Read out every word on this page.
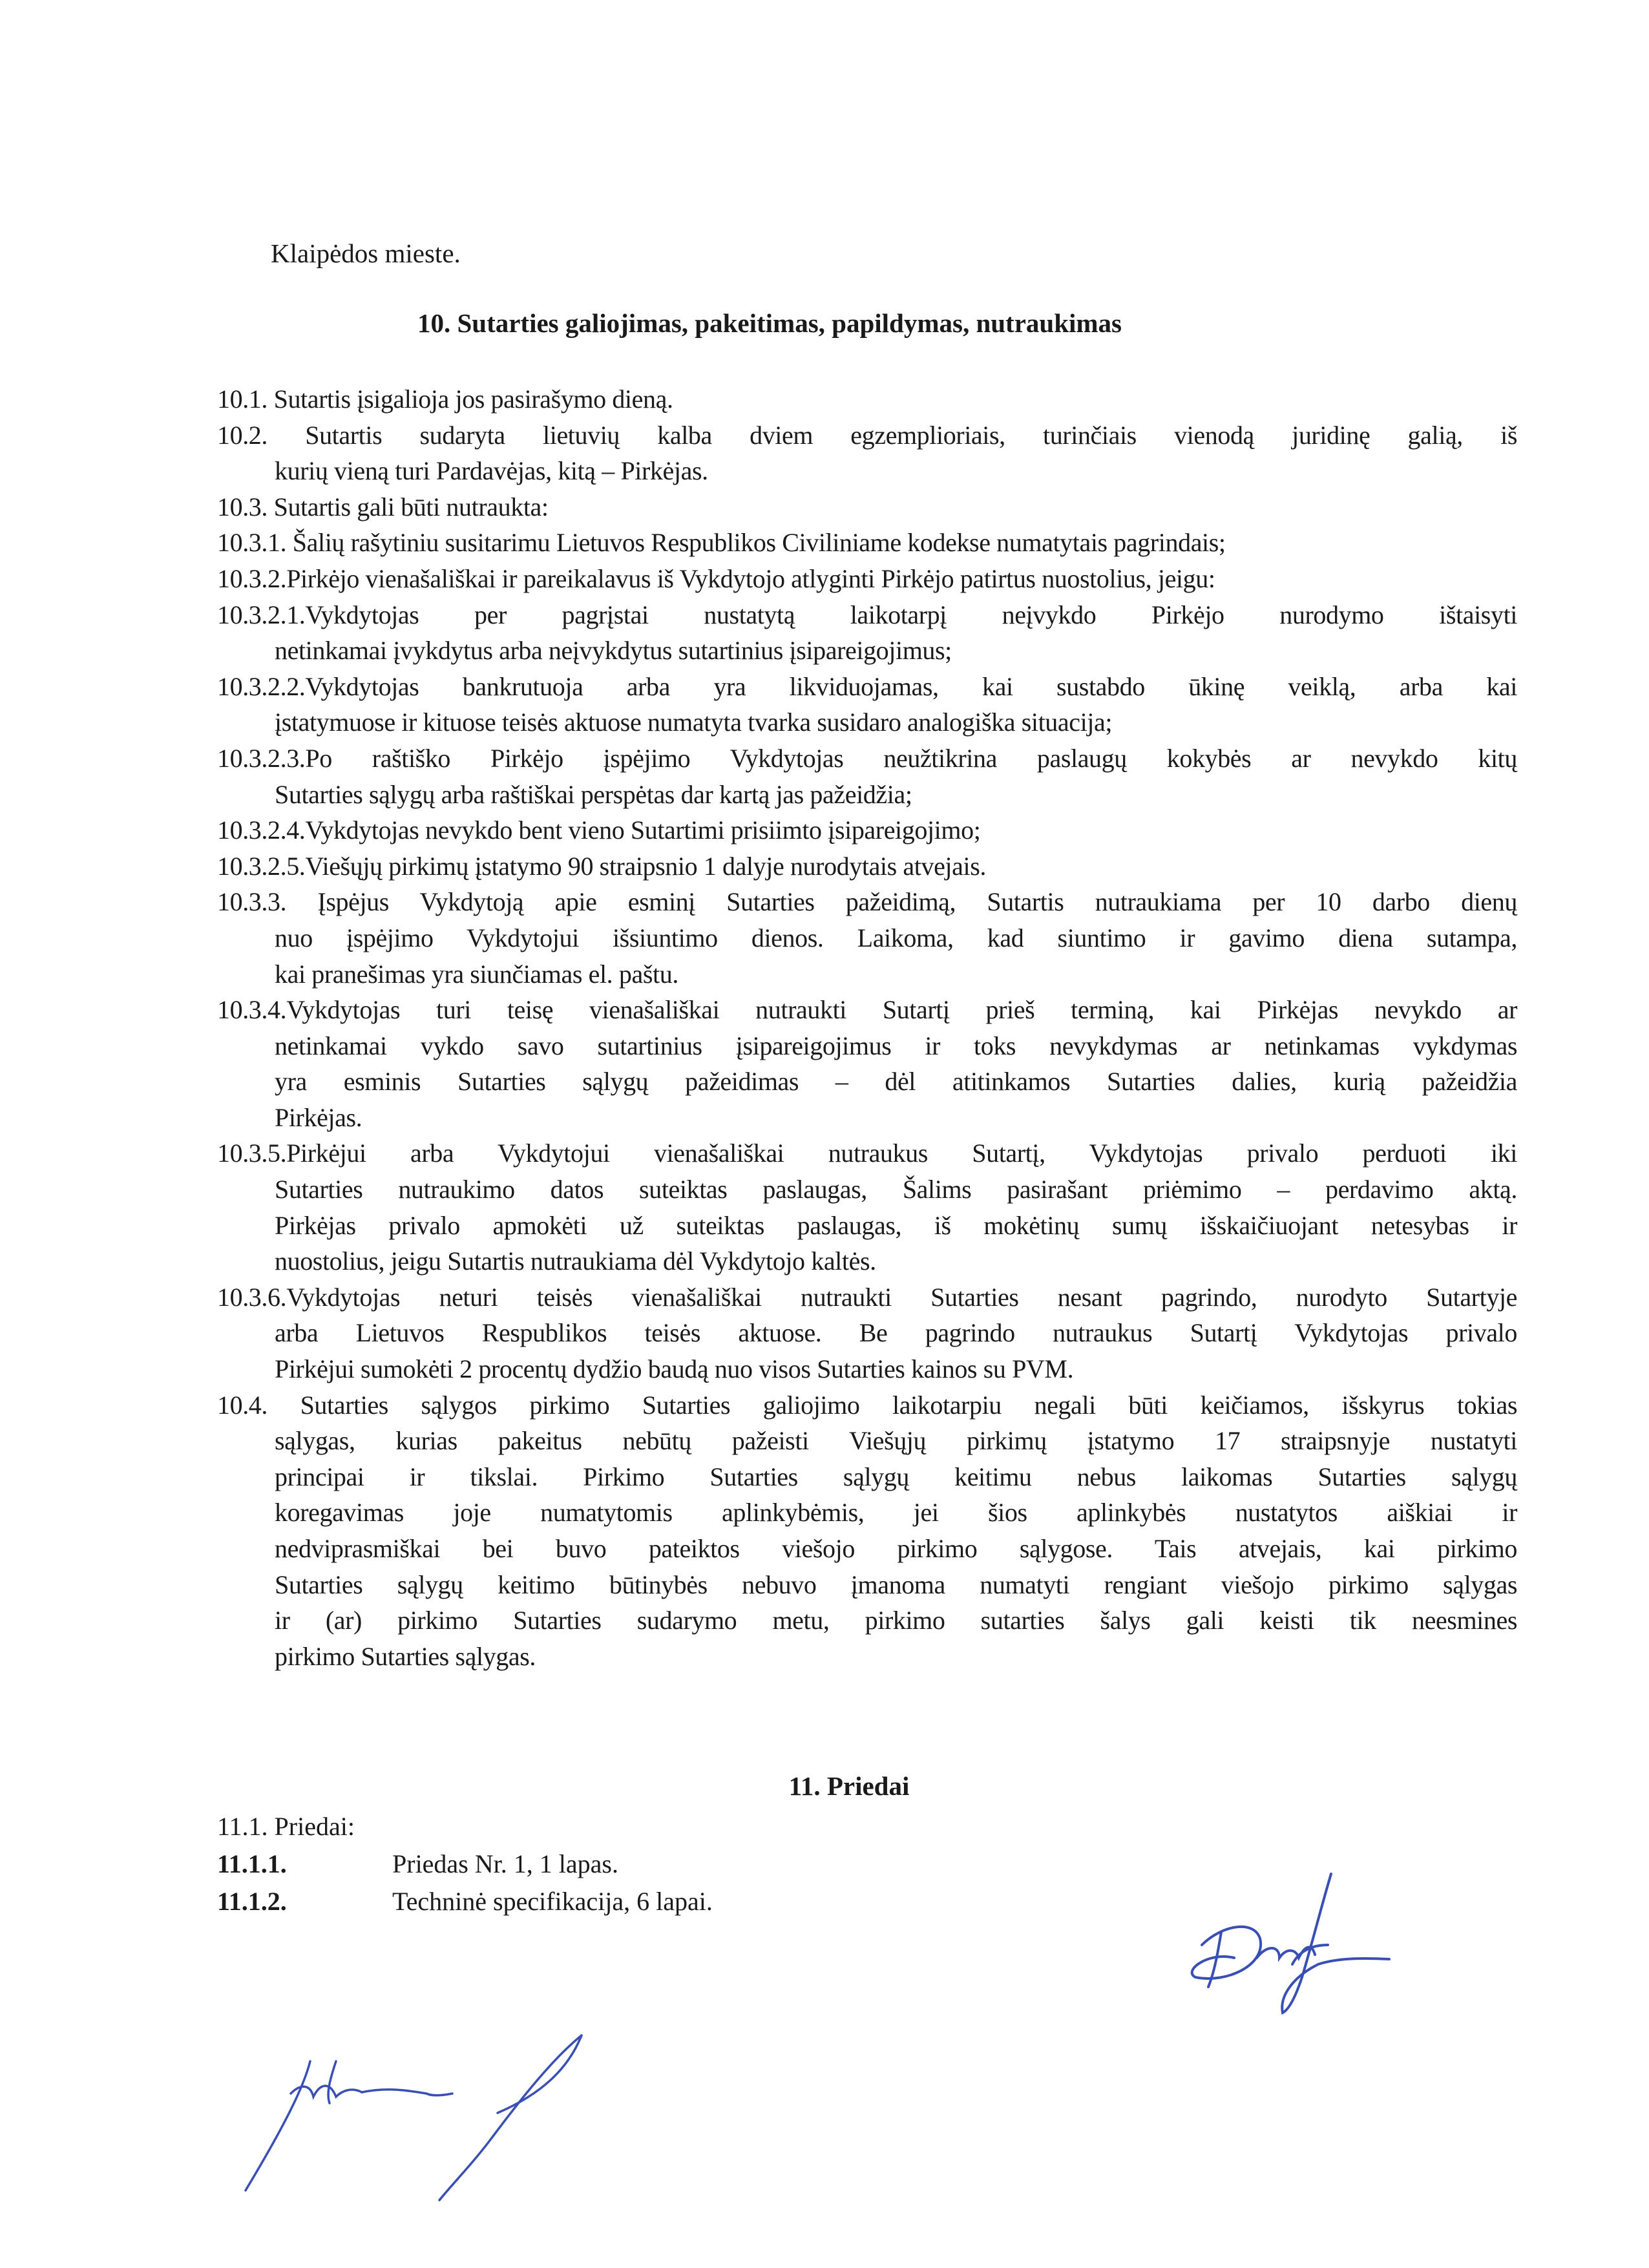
Klaipėdos mieste.
10. Sutarties galiojimas, pakeitimas, papildymas, nutraukimas
10.1. Sutartis įsigalioja jos pasirašymo dieną.
10.2. Sutartis sudaryta lietuvių kalba dviem egzemplioriais, turinčiais vienodą juridinę galią, iš
kurių vieną turi Pardavėjas, kitą – Pirkėjas.
10.3. Sutartis gali būti nutraukta:
10.3.1. Šalių rašytiniu susitarimu Lietuvos Respublikos Civiliniame kodekse numatytais pagrindais;
10.3.2.Pirkėjo vienašališkai ir pareikalavus iš Vykdytojo atlyginti Pirkėjo patirtus nuostolius, jeigu:
10.3.2.1.Vykdytojas per pagrįstai nustatytą laikotarpį neįvykdo Pirkėjo nurodymo ištaisyti
netinkamai įvykdytus arba neįvykdytus sutartinius įsipareigojimus;
10.3.2.2.Vykdytojas bankrutuoja arba yra likviduojamas, kai sustabdo ūkinę veiklą, arba kai
įstatymuose ir kituose teisės aktuose numatyta tvarka susidaro analogiška situacija;
10.3.2.3.Po raštiško Pirkėjo įspėjimo Vykdytojas neužtikrina paslaugų kokybės ar nevykdo kitų
Sutarties sąlygų arba raštiškai perspėtas dar kartą jas pažeidžia;
10.3.2.4.Vykdytojas nevykdo bent vieno Sutartimi prisiimto įsipareigojimo;
10.3.2.5.Viešųjų pirkimų įstatymo 90 straipsnio 1 dalyje nurodytais atvejais.
10.3.3. Įspėjus Vykdytoją apie esminį Sutarties pažeidimą, Sutartis nutraukiama per 10 darbo dienų
nuo įspėjimo Vykdytojui išsiuntimo dienos. Laikoma, kad siuntimo ir gavimo diena sutampa,
kai pranešimas yra siunčiamas el. paštu.
10.3.4.Vykdytojas turi teisę vienašališkai nutraukti Sutartį prieš terminą, kai Pirkėjas nevykdo ar
netinkamai vykdo savo sutartinius įsipareigojimus ir toks nevykdymas ar netinkamas vykdymas
yra esminis Sutarties sąlygų pažeidimas – dėl atitinkamos Sutarties dalies, kurią pažeidžia
Pirkėjas.
10.3.5.Pirkėjui arba Vykdytojui vienašališkai nutraukus Sutartį, Vykdytojas privalo perduoti iki
Sutarties nutraukimo datos suteiktas paslaugas, Šalims pasirašant priėmimo – perdavimo aktą.
Pirkėjas privalo apmokėti už suteiktas paslaugas, iš mokėtinų sumų išskaičiuojant netesybas ir
nuostolius, jeigu Sutartis nutraukiama dėl Vykdytojo kaltės.
10.3.6.Vykdytojas neturi teisės vienašališkai nutraukti Sutarties nesant pagrindo, nurodyto Sutartyje
arba Lietuvos Respublikos teisės aktuose. Be pagrindo nutraukus Sutartį Vykdytojas privalo
Pirkėjui sumokėti 2 procentų dydžio baudą nuo visos Sutarties kainos su PVM.
10.4. Sutarties sąlygos pirkimo Sutarties galiojimo laikotarpiu negali būti keičiamos, išskyrus tokias
sąlygas, kurias pakeitus nebūtų pažeisti Viešųjų pirkimų įstatymo 17 straipsnyje nustatyti
principai ir tikslai. Pirkimo Sutarties sąlygų keitimu nebus laikomas Sutarties sąlygų
koregavimas joje numatytomis aplinkybėmis, jei šios aplinkybės nustatytos aiškiai ir
nedviprasmiškai bei buvo pateiktos viešojo pirkimo sąlygose. Tais atvejais, kai pirkimo
Sutarties sąlygų keitimo būtinybės nebuvo įmanoma numatyti rengiant viešojo pirkimo sąlygas
ir (ar) pirkimo Sutarties sudarymo metu, pirkimo sutarties šalys gali keisti tik neesmines
pirkimo Sutarties sąlygas.
11. Priedai
11.1. Priedai:
11.1.1.	Priedas Nr. 1, 1 lapas.
11.1.2.	Techninė specifikacija, 6 lapai.
